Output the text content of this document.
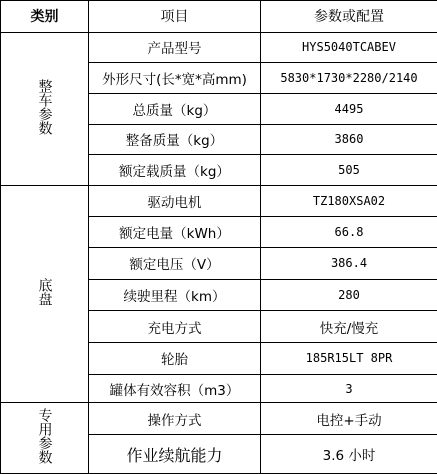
类别	项目	参数或配置
整车参数	产品型号	HYS5040TCABEV
	外形尺寸(长*宽*高mm)	5830*1730*2280/2140
	总质量（kg）	4495
	整备质量（kg）	3860
	额定载质量（kg）	505
底盘	驱动电机	TZ180XSA02
	额定电量（kWh）	66.8
	额定电压（V）	386.4
	续驶里程（km）	280
	充电方式	快充/慢充
	轮胎	185R15LT 8PR
	罐体有效容积（m3）	3
专用参数	操作方式	电控+手动
	作业续航能力	3.6 小时
